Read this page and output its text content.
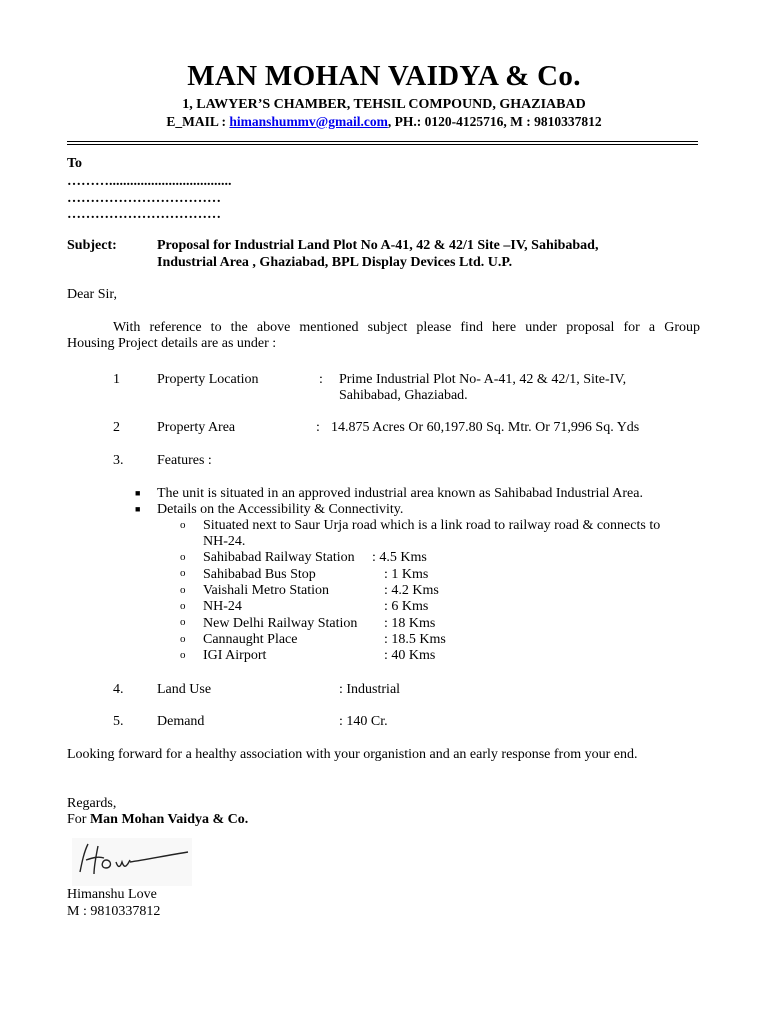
MAN MOHAN VAIDYA & Co.
1, LAWYER’S CHAMBER, TEHSIL COMPOUND, GHAZIABAD
E_MAIL : himanshummv@gmail.com, PH.: 0120-4125716, M : 9810337812
To
………...................................
……………………………
……………………………
Subject:	Proposal for Industrial Land Plot No A-41, 42 & 42/1 Site –IV, Sahibabad,
Industrial Area , Ghaziabad, BPL Display Devices Ltd. U.P.
Dear Sir,
With reference to the above mentioned subject please find here under proposal for a Group
Housing Project details are as under :
1	Property Location	: Prime Industrial Plot No- A-41, 42 & 42/1, Site-IV,
Sahibabad, Ghaziabad.
2	Property Area	: 14.875 Acres Or 60,197.80 Sq. Mtr. Or 71,996 Sq. Yds
3. Features :
■ The unit is situated in an approved industrial area known as Sahibabad Industrial Area.
■ Details on the Accessibility & Connectivity.
o Situated next to Saur Urja road which is a link road to railway road & connects to
NH-24.
o Sahibabad Railway Station : 4.5 Kms
o Sahibabad Bus Stop	: 1 Kms
o Vaishali Metro Station	: 4.2 Kms
o NH-24	: 6 Kms
o New Delhi Railway Station : 18 Kms
o Cannaught Place	: 18.5 Kms
o IGI Airport	: 40 Kms
4. Land Use	: Industrial
5. Demand	: 140 Cr.
Looking forward for a healthy association with your organistion and an early response from your end.
Regards,
For Man Mohan Vaidya & Co.
Hom
Himanshu Love
M : 9810337812
